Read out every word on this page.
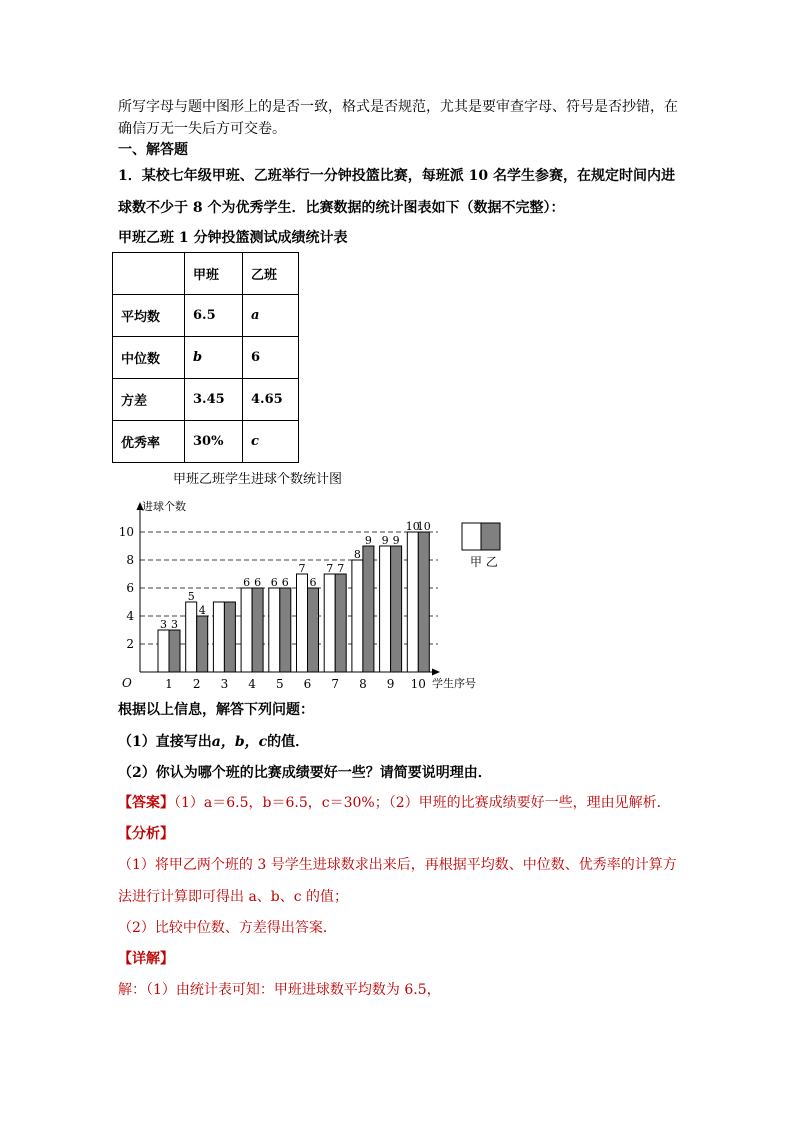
所写字母与题中图形上的是否一致，格式是否规范，尤其是要审查字母、符号是否抄错，在
确信万无一失后方可交卷。
一、解答题
1．某校七年级甲班、乙班举行一分钟投篮比赛，每班派 10 名学生参赛，在规定时间内进
球数不少于 8 个为优秀学生．比赛数据的统计图表如下（数据不完整）：
甲班乙班 1 分钟投篮测试成绩统计表
	甲班	乙班
平均数	6.5	a
中位数	b	6
方差	3.45	4.65
优秀率	30%	c
甲班乙班学生进球个数统计图
2
4
6
8
10
3 3
1
5
4
2 3
6 6
4
6 6
5
7
6
6
7 7
7
8
9
8
9 9
9
10
10
10
O
进球个数
学生序号
甲 乙
根据以上信息，解答下列问题：
（1）直接写出a，b，c的值．
（2）你认为哪个班的比赛成绩要好一些？请简要说明理由．
【答案】（1）a＝6.5，b＝6.5，c＝30%；（2）甲班的比赛成绩要好一些，理由见解析．
【分析】
（1）将甲乙两个班的 3 号学生进球数求出来后，再根据平均数、中位数、优秀率的计算方
法进行计算即可得出 a、b、c 的值；
（2）比较中位数、方差得出答案．
【详解】
解：（1）由统计表可知：甲班进球数平均数为 6.5，
